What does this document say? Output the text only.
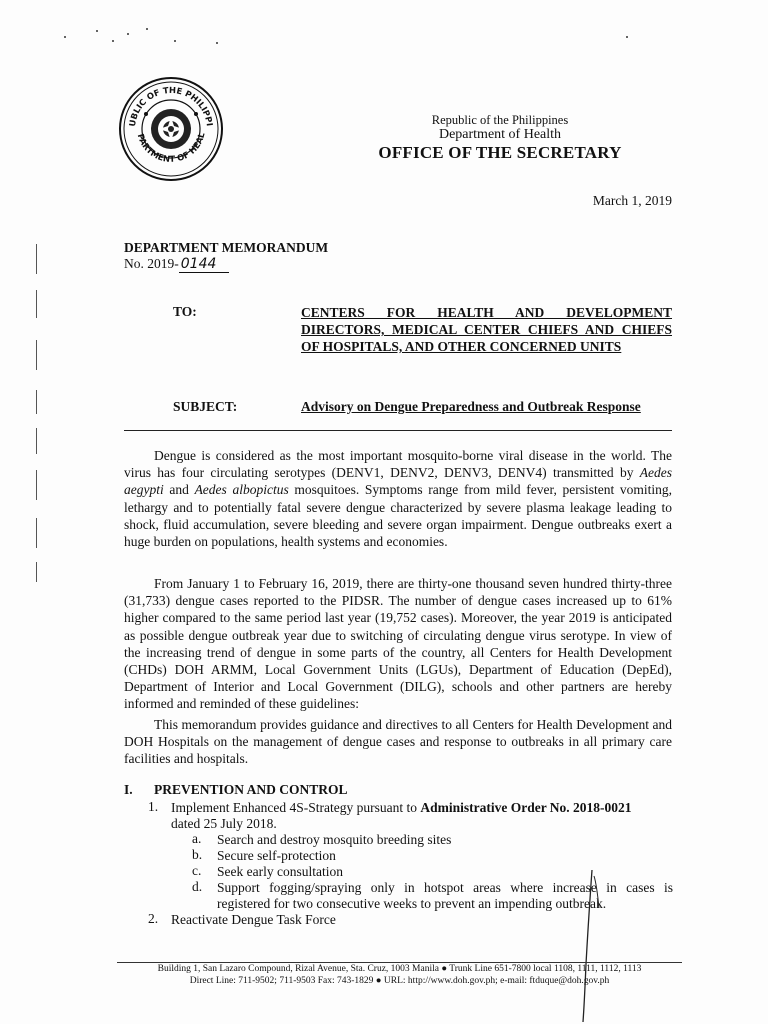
UBLIC OF THE PHILIPPI
PARTMENT OF HEAL
Republic of the Philippines
Department of Health
OFFICE OF THE SECRETARY
March 1, 2019
DEPARTMENT MEMORANDUM
No. 2019- 0144
TO:	CENTERS FOR HEALTH AND DEVELOPMENT DIRECTORS, MEDICAL CENTER CHIEFS AND CHIEFS OF HOSPITALS, AND OTHER CONCERNED UNITS
SUBJECT:	Advisory on Dengue Preparedness and Outbreak Response

Dengue is considered as the most important mosquito-borne viral disease in the world. The virus has four circulating serotypes (DENV1, DENV2, DENV3, DENV4) transmitted by Aedes aegypti and Aedes albopictus mosquitoes. Symptoms range from mild fever, persistent vomiting, lethargy and to potentially fatal severe dengue characterized by severe plasma leakage leading to shock, fluid accumulation, severe bleeding and severe organ impairment. Dengue outbreaks exert a huge burden on populations, health systems and economies.

From January 1 to February 16, 2019, there are thirty-one thousand seven hundred thirty-three (31,733) dengue cases reported to the PIDSR. The number of dengue cases increased up to 61% higher compared to the same period last year (19,752 cases). Moreover, the year 2019 is anticipated as possible dengue outbreak year due to switching of circulating dengue virus serotype. In view of the increasing trend of dengue in some parts of the country, all Centers for Health Development (CHDs) DOH ARMM, Local Government Units (LGUs), Department of Education (DepEd), Department of Interior and Local Government (DILG), schools and other partners are hereby informed and reminded of these guidelines:

This memorandum provides guidance and directives to all Centers for Health Development and DOH Hospitals on the management of dengue cases and response to outbreaks in all primary care facilities and hospitals.

I. PREVENTION AND CONTROL
1. Implement Enhanced 4S-Strategy pursuant to Administrative Order No. 2018-0021
dated 25 July 2018.
a. Search and destroy mosquito breeding sites
b. Secure self-protection
c. Seek early consultation
d. Support fogging/spraying only in hotspot areas where increase in cases is
registered for two consecutive weeks to prevent an impending outbreak.
2. Reactivate Dengue Task Force
Building 1, San Lazaro Compound, Rizal Avenue, Sta. Cruz, 1003 Manila ● Trunk Line 651-7800 local 1108, 1111, 1112, 1113
Direct Line: 711-9502; 711-9503 Fax: 743-1829 ● URL: http://www.doh.gov.ph; e-mail: ftduque@doh.gov.ph
